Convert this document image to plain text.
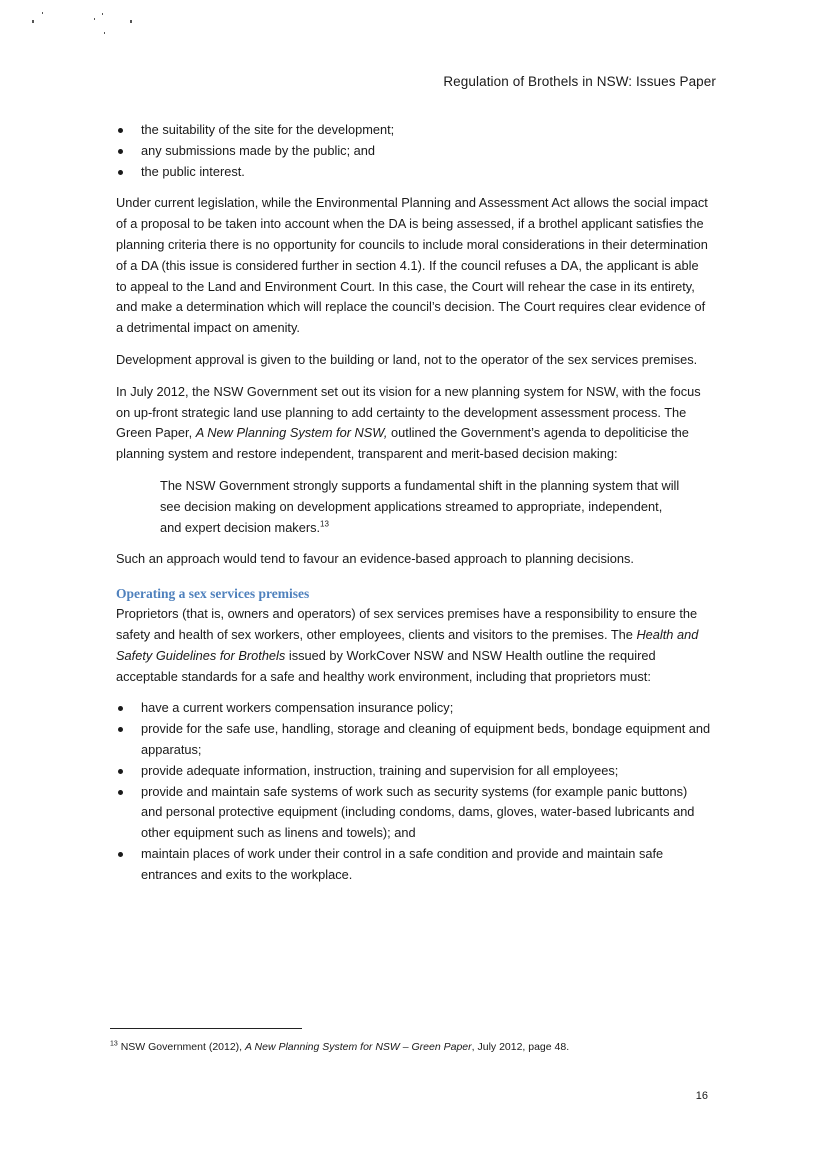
Regulation of Brothels in NSW: Issues Paper
the suitability of the site for the development;
any submissions made by the public; and
the public interest.

Under current legislation, while the Environmental Planning and Assessment Act allows the social impact of a proposal to be taken into account when the DA is being assessed, if a brothel applicant satisfies the planning criteria there is no opportunity for councils to include moral considerations in their determination of a DA (this issue is considered further in section 4.1). If the council refuses a DA, the applicant is able to appeal to the Land and Environment Court. In this case, the Court will rehear the case in its entirety, and make a determination which will replace the council’s decision. The Court requires clear evidence of a detrimental impact on amenity.

Development approval is given to the building or land, not to the operator of the sex services premises.

In July 2012, the NSW Government set out its vision for a new planning system for NSW, with the focus on up-front strategic land use planning to add certainty to the development assessment process. The Green Paper, A New Planning System for NSW, outlined the Government’s agenda to depoliticise the planning system and restore independent, transparent and merit-based decision making:

The NSW Government strongly supports a fundamental shift in the planning system that will see decision making on development applications streamed to appropriate, independent, and expert decision makers.$^{13}$

Such an approach would tend to favour an evidence-based approach to planning decisions.

Operating a sex services premises

Proprietors (that is, owners and operators) of sex services premises have a responsibility to ensure the safety and health of sex workers, other employees, clients and visitors to the premises. The Health and Safety Guidelines for Brothels issued by WorkCover NSW and NSW Health outline the required acceptable standards for a safe and healthy work environment, including that proprietors must:

have a current workers compensation insurance policy;
provide for the safe use, handling, storage and cleaning of equipment beds, bondage equipment and apparatus;
provide adequate information, instruction, training and supervision for all employees;
provide and maintain safe systems of work such as security systems (for example panic buttons) and personal protective equipment (including condoms, dams, gloves, water-based lubricants and other equipment such as linens and towels); and
maintain places of work under their control in a safe condition and provide and maintain safe entrances and exits to the workplace.
$^{13}$ NSW Government (2012), A New Planning System for NSW – Green Paper, July 2012, page 48.
16
